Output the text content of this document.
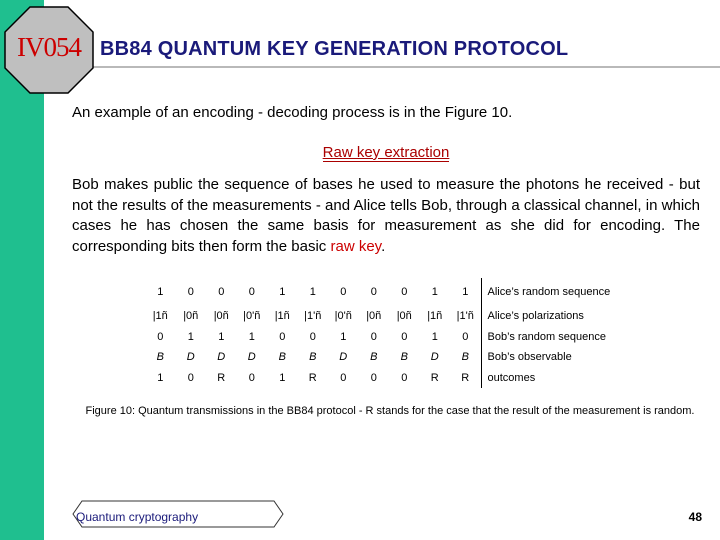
IV054 BB84 QUANTUM KEY GENERATION PROTOCOL
An example of an encoding - decoding process is in the Figure 10.
Raw key extraction
Bob makes public the sequence of bases he used to measure the photons he received - but not the results of the measurements - and Alice tells Bob, through a classical channel, in which cases he has chosen the same basis for measurement as she did for encoding. The corresponding bits then form the basic raw key.
1	0	0	0	1	1	0	0	0	1	1	Alice’s random sequence
|1ñ	|0ñ	|0ñ	|0'ñ	|1ñ	|1'ñ	|0'ñ	|0ñ	|0ñ	|1ñ	|1'ñ	Alice’s polarizations
0	1	1	1	0	0	1	0	0	1	0	Bob’s random sequence
B	D	D	D	B	B	D	B	B	D	B	Bob’s observable
1	0	R	0	1	R	0	0	0	R	R	outcomes
Figure 10: Quantum transmissions in the BB84 protocol - R stands for the case that the result of the measurement is random.
Quantum cryptography	48
